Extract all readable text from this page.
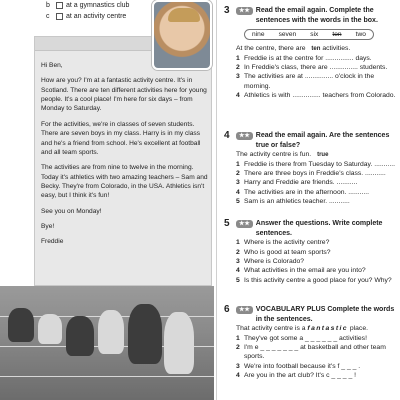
b	at a gymnastics club
c	at an activity centre

Hi Ben,

How are you? I'm at a fantastic activity centre. It's in Scotland. There are ten different activities here for young people. It's a cool place! I'm here for six days – from Monday to Saturday.

For the activities, we're in classes of seven students. There are seven boys in my class. Harry is in my class and he's a friend from school. He's excellent at football and all team sports.

The activities are from nine to twelve in the morning. Today it's athletics with two amazing teachers – Sam and Becky. They're from Colorado, in the USA. Athletics isn't easy, but I think it's fun!

See you on Monday!

Bye!

Freddie

3	★★ Read the email again. Complete the sentences with the words in the box.
nine seven six ten two
At the centre, there are ten activities.
1 Freddie is at the centre for ............... days.
2 In Freddie's class, there are ............... students.
3 The activities are at ............... o'clock in the morning.
4 Athletics is with ............... teachers from Colorado.
4	★★ Read the email again. Are the sentences true or false?
The activity centre is fun. true
1 Freddie is there from Tuesday to Saturday. ...........
2 There are three boys in Freddie's class. ...........
3 Harry and Freddie are friends. ...........
4 The activities are in the afternoon. ...........
5 Sam is an athletics teacher. ...........
5	★★ Answer the questions. Write complete sentences.
1 Where is the activity centre?
2 Who is good at team sports?
3 Where is Colorado?
4 What activities in the email are you into?
5 Is this activity centre a good place for you? Why?
6	★★ VOCABULARY PLUS Complete the words in the sentences.
That activity centre is a fantastic place.
1 They've got some a _ _ _ _ _ _ activities!
2 I'm e _ _ _ _ _ _ _ at basketball and other team sports.
3 We're into football because it's f _ _ _ .
4 Are you in the art club? It's c _ _ _ _ !
